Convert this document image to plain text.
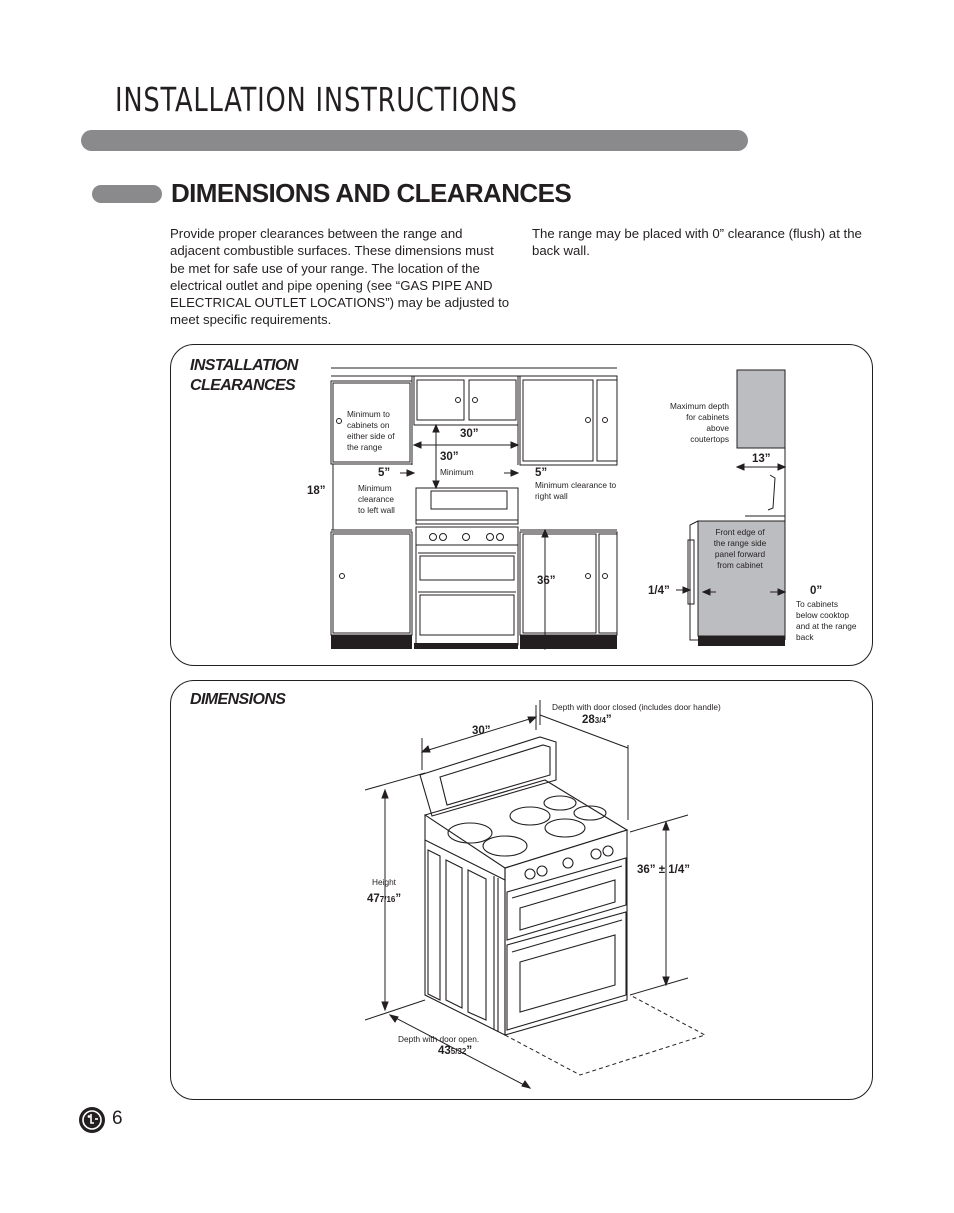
INSTALLATION INSTRUCTIONS
DIMENSIONS AND CLEARANCES
Provide proper clearances between the range and adjacent combustible surfaces. These dimensions must be met for safe use of your range. The location of the electrical outlet and pipe opening (see “GAS PIPE AND ELECTRICAL OUTLET LOCATIONS”) may be adjusted to meet specific requirements.
The range may be placed with 0” clearance (flush) at the back wall.
INSTALLATION
CLEARANCES
Minimum to
cabinets on
either side of
the range
30”
30”
Minimum
5”	5”
18”	Minimum
clearance
to left wall
Minimum clearance to
right wall
36”
Maximum depth
for cabinets
above
coutertops
13”
Front edge of
the range side
panel forward
from cabinet
1/4”	0”
To cabinets
below cooktop
and at the range
back
DIMENSIONS	Depth with door closed (includes door handle)
283/4”
30”
Height
477/16”
36” ± 1/4”
Depth with door open.
435/32”
6
